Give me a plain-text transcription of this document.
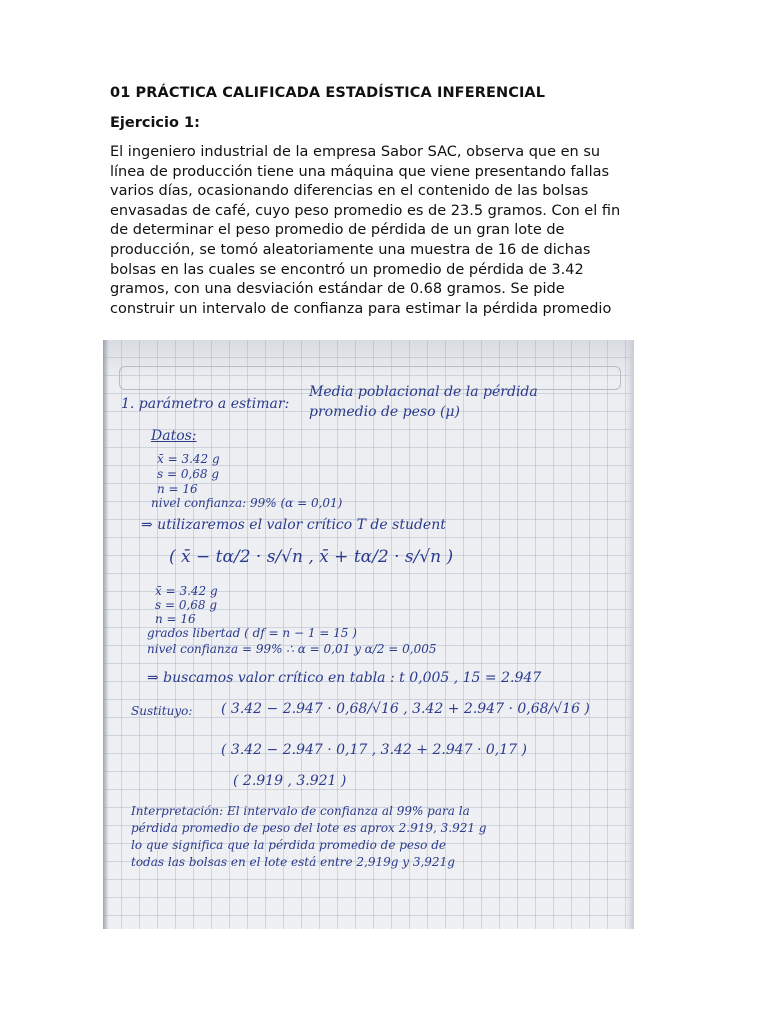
01 PRÁCTICA CALIFICADA ESTADÍSTICA INFERENCIAL
Ejercicio 1:
El ingeniero industrial de la empresa Sabor SAC, observa que en su
línea de producción tiene una máquina que viene presentando fallas
varios días, ocasionando diferencias en el contenido de las bolsas
envasadas de café, cuyo peso promedio es de 23.5 gramos. Con el fin
de determinar el peso promedio de pérdida de un gran lote de
producción, se tomó aleatoriamente una muestra de 16 de dichas
bolsas en las cuales se encontró un promedio de pérdida de 3.42
gramos, con una desviación estándar de 0.68 gramos. Se pide
construir un intervalo de confianza para estimar la pérdida promedio
1. parámetro a estimar:
Media poblacional de la pérdida
promedio de peso (μ)
Datos:
x̄ = 3.42 g
s = 0,68 g
n = 16
nivel confianza: 99% (α = 0,01)
⇒ utilizaremos el valor crítico T de student
( x̄ − tα/2 · s/√n , x̄ + tα/2 · s/√n )
x̄ = 3.42 g
s = 0,68 g
n = 16
grados libertad ( df = n − 1 = 15 )
nivel confianza = 99% ∴ α = 0,01 y α/2 = 0,005
⇒ buscamos valor crítico en tabla : t 0,005 , 15 = 2.947
Sustituyo: ( 3.42 − 2.947 · 0,68/√16 , 3.42 + 2.947 · 0,68/√16 )
( 3.42 − 2.947 · 0,17 , 3.42 + 2.947 · 0,17 )
( 2.919 , 3.921 )
Interpretación: El intervalo de confianza al 99% para la
pérdida promedio de peso del lote es aprox 2.919, 3.921 g
lo que significa que la pérdida promedio de peso de
todas las bolsas en el lote está entre 2,919g y 3,921g
